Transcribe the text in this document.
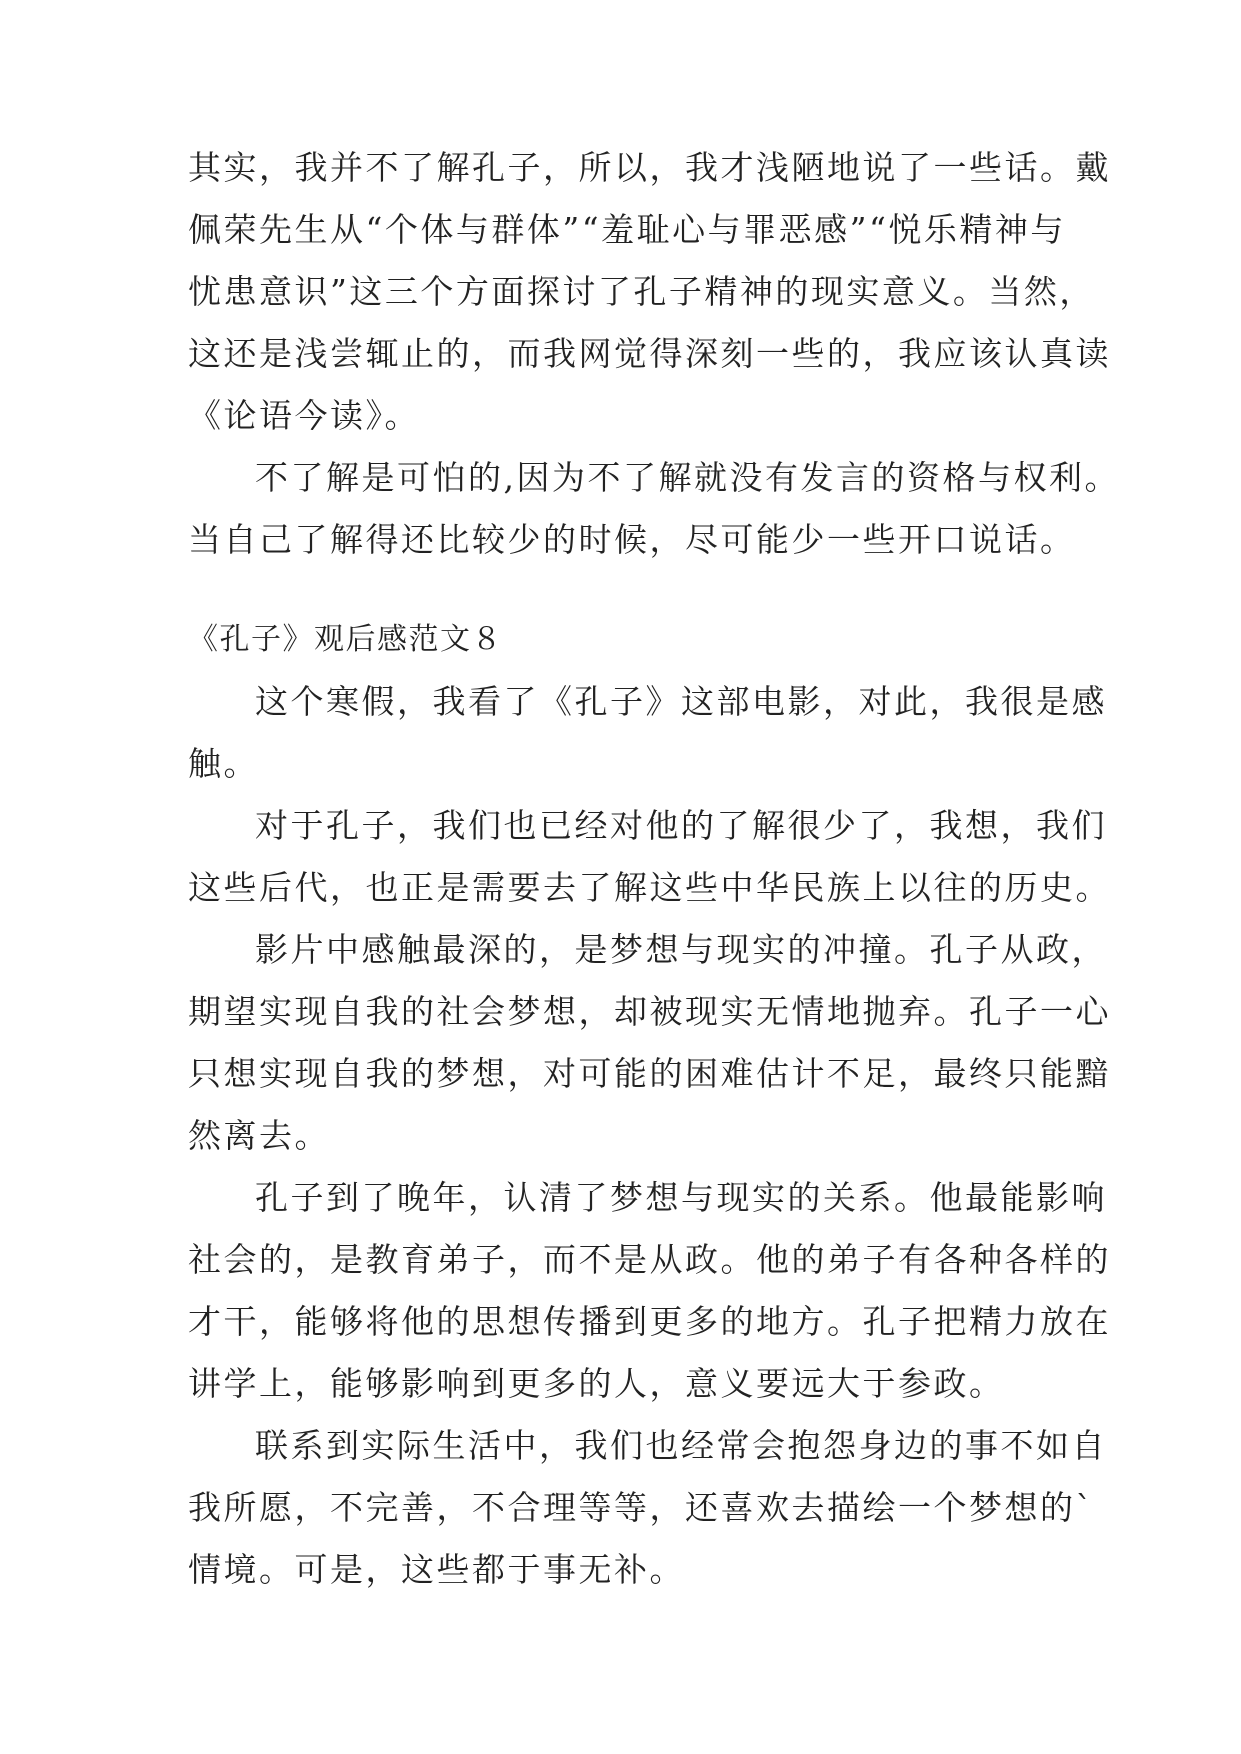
其实，我并不了解孔子，所以，我才浅陋地说了一些话。戴
佩荣先生从“个体与群体”“羞耻心与罪恶感”“悦乐精神与
忧患意识”这三个方面探讨了孔子精神的现实意义。当然，
这还是浅尝辄止的，而我网觉得深刻一些的，我应该认真读
《论语今读》。
不了解是可怕的,因为不了解就没有发言的资格与权利。
当自己了解得还比较少的时候，尽可能少一些开口说话。
《孔子》观后感范文８
这个寒假，我看了《孔子》这部电影，对此，我很是感
触。
对于孔子，我们也已经对他的了解很少了，我想，我们
这些后代，也正是需要去了解这些中华民族上以往的历史。
影片中感触最深的，是梦想与现实的冲撞。孔子从政，
期望实现自我的社会梦想，却被现实无情地抛弃。孔子一心
只想实现自我的梦想，对可能的困难估计不足，最终只能黯
然离去。
孔子到了晚年，认清了梦想与现实的关系。他最能影响
社会的，是教育弟子，而不是从政。他的弟子有各种各样的
才干，能够将他的思想传播到更多的地方。孔子把精力放在
讲学上，能够影响到更多的人，意义要远大于参政。
联系到实际生活中，我们也经常会抱怨身边的事不如自
我所愿，不完善，不合理等等，还喜欢去描绘一个梦想的`
情境。可是，这些都于事无补。
